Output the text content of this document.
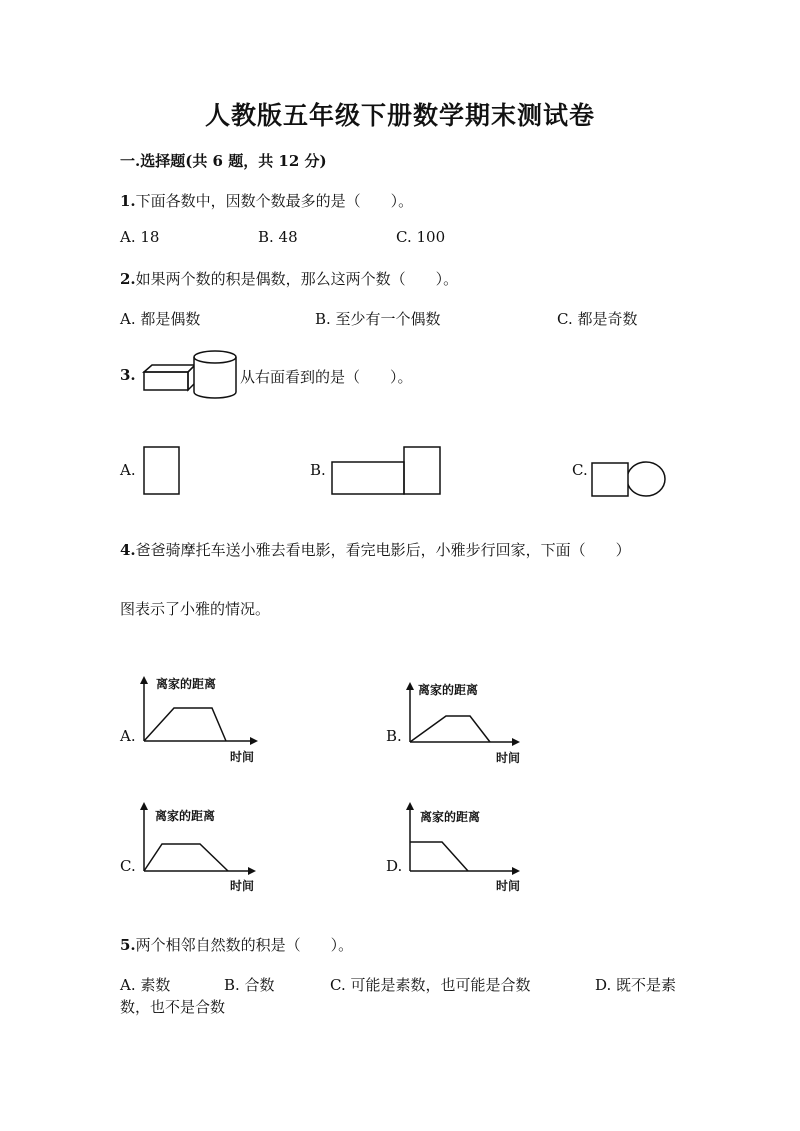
人教版五年级下册数学期末测试卷
一.选择题(共 6 题，共 12 分)
1.下面各数中，因数个数最多的是（　　）。
A. 18	B. 48	C. 100
2.如果两个数的积是偶数，那么这两个数（　　）。
A. 都是偶数	B. 至少有一个偶数	C. 都是奇数
3.	从右面看到的是（　　）。
A.	B.	C.
4.爸爸骑摩托车送小雅去看电影，看完电影后，小雅步行回家，下面（　　）
图表示了小雅的情况。
A.
离家的距离
时间
B.
离家的距离
时间
C.
离家的距离
时间
D.
离家的距离
时间
5.两个相邻自然数的积是（　　）。
A. 素数	B. 合数	C. 可能是素数，也可能是合数	D. 既不是素
数，也不是合数
